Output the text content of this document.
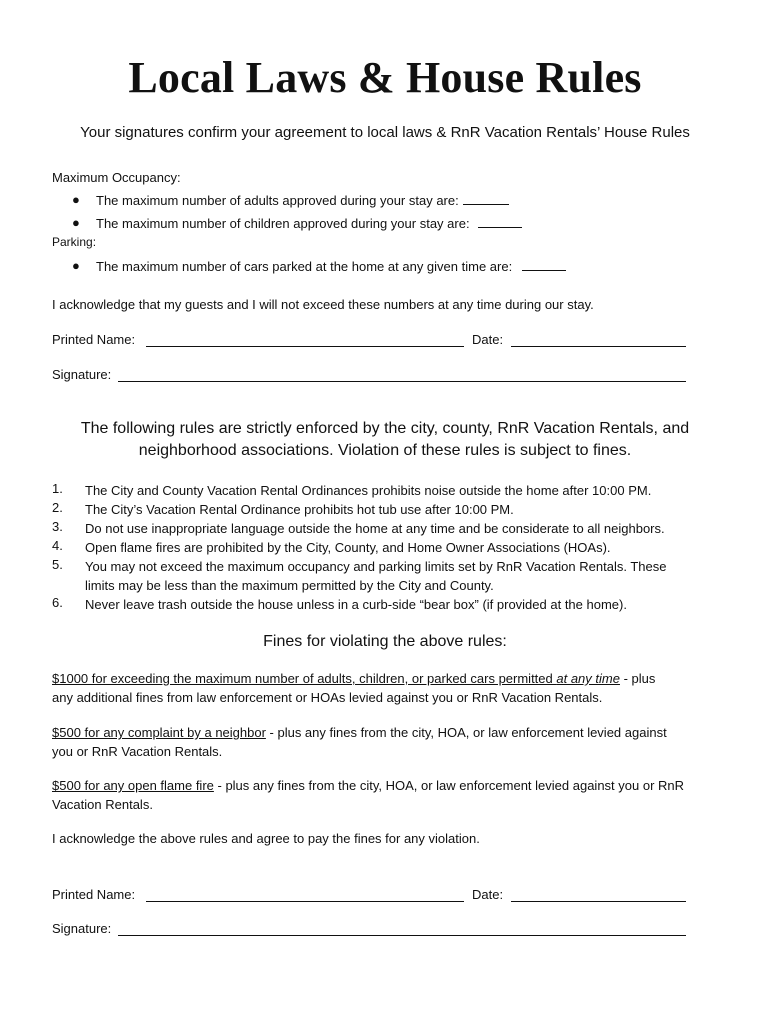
Local Laws & House Rules
Your signatures confirm your agreement to local laws & RnR Vacation Rentals’ House Rules
Maximum Occupancy:
● The maximum number of adults approved during your stay are:
● The maximum number of children approved during your stay are:
Parking:
● The maximum number of cars parked at the home at any given time are:
I acknowledge that my guests and I will not exceed these numbers at any time during our stay.
Printed Name:	Date:
Signature:
The following rules are strictly enforced by the city, county, RnR Vacation Rentals, and
neighborhood associations. Violation of these rules is subject to fines.
1.	The City and County Vacation Rental Ordinances prohibits noise outside the home after 10:00 PM.
2.	The City’s Vacation Rental Ordinance prohibits hot tub use after 10:00 PM.
3.	Do not use inappropriate language outside the home at any time and be considerate to all neighbors.
4.	Open flame fires are prohibited by the City, County, and Home Owner Associations (HOAs).
5.	You may not exceed the maximum occupancy and parking limits set by RnR Vacation Rentals. These
limits may be less than the maximum permitted by the City and County.
6.	Never leave trash outside the house unless in a curb-side “bear box” (if provided at the home).
Fines for violating the above rules:
$1000 for exceeding the maximum number of adults, children, or parked cars permitted at any time - plus
any additional fines from law enforcement or HOAs levied against you or RnR Vacation Rentals.
$500 for any complaint by a neighbor - plus any fines from the city, HOA, or law enforcement levied against
you or RnR Vacation Rentals.
$500 for any open flame fire - plus any fines from the city, HOA, or law enforcement levied against you or RnR
Vacation Rentals.
I acknowledge the above rules and agree to pay the fines for any violation.
Printed Name:	Date:
Signature:
